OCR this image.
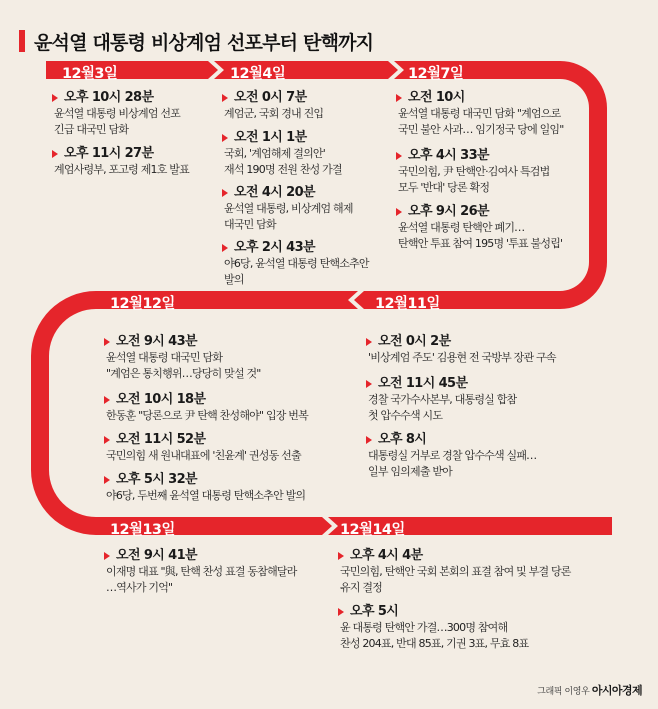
윤석열 대통령 비상계엄 선포부터 탄핵까지
12월3일	12월4일	12월7일
12월11일
12월12일
12월13일	12월14일
오후 10시 28분
윤석열 대통령 비상계엄 선포
긴급 대국민 담화
오후 11시 27분
계엄사령부, 포고령 제1호 발표
오전 0시 7분
계엄군, 국회 경내 진입
오전 1시 1분
국회, '계엄해제 결의안'
재석 190명 전원 찬성 가결
오전 4시 20분
윤석열 대통령, 비상계엄 해제
대국민 담화
오후 2시 43분
야6당, 윤석열 대통령 탄핵소추안
발의
오전 10시
윤석열 대통령 대국민 담화 "계엄으로
국민 불안 사과… 임기정국 당에 일임"
오후 4시 33분
국민의힘, 尹 탄핵안·김여사 특검법
모두 '반대' 당론 확정
오후 9시 26분
윤석열 대통령 탄핵안 폐기…
탄핵안 투표 참여 195명 '투표 불성립'
오전 9시 43분
윤석열 대통령 대국민 담화
"계엄은 통치행위…당당히 맞설 것"
오전 10시 18분
한동훈 "당론으로 尹 탄핵 찬성해야" 입장 번복
오전 11시 52분
국민의힘 새 원내대표에 '친윤계' 권성동 선출
오후 5시 32분
야6당, 두번째 윤석열 대통령 탄핵소추안 발의
오전 0시 2분
'비상계엄 주도' 김용현 전 국방부 장관 구속
오전 11시 45분
경찰 국가수사본부, 대통령실 합참
첫 압수수색 시도
오후 8시
대통령실 거부로 경찰 압수수색 실패…
일부 임의제출 받아
오전 9시 41분
이재명 대표 "與, 탄핵 찬성 표결 동참해달라
…역사가 기억"
오후 4시 4분
국민의힘, 탄핵안 국회 본회의 표결 참여 및 부결 당론
유지 결정
오후 5시
윤 대통령 탄핵안 가결…300명 참여해
찬성 204표, 반대 85표, 기권 3표, 무효 8표
그래픽 이영우 아시아경제
